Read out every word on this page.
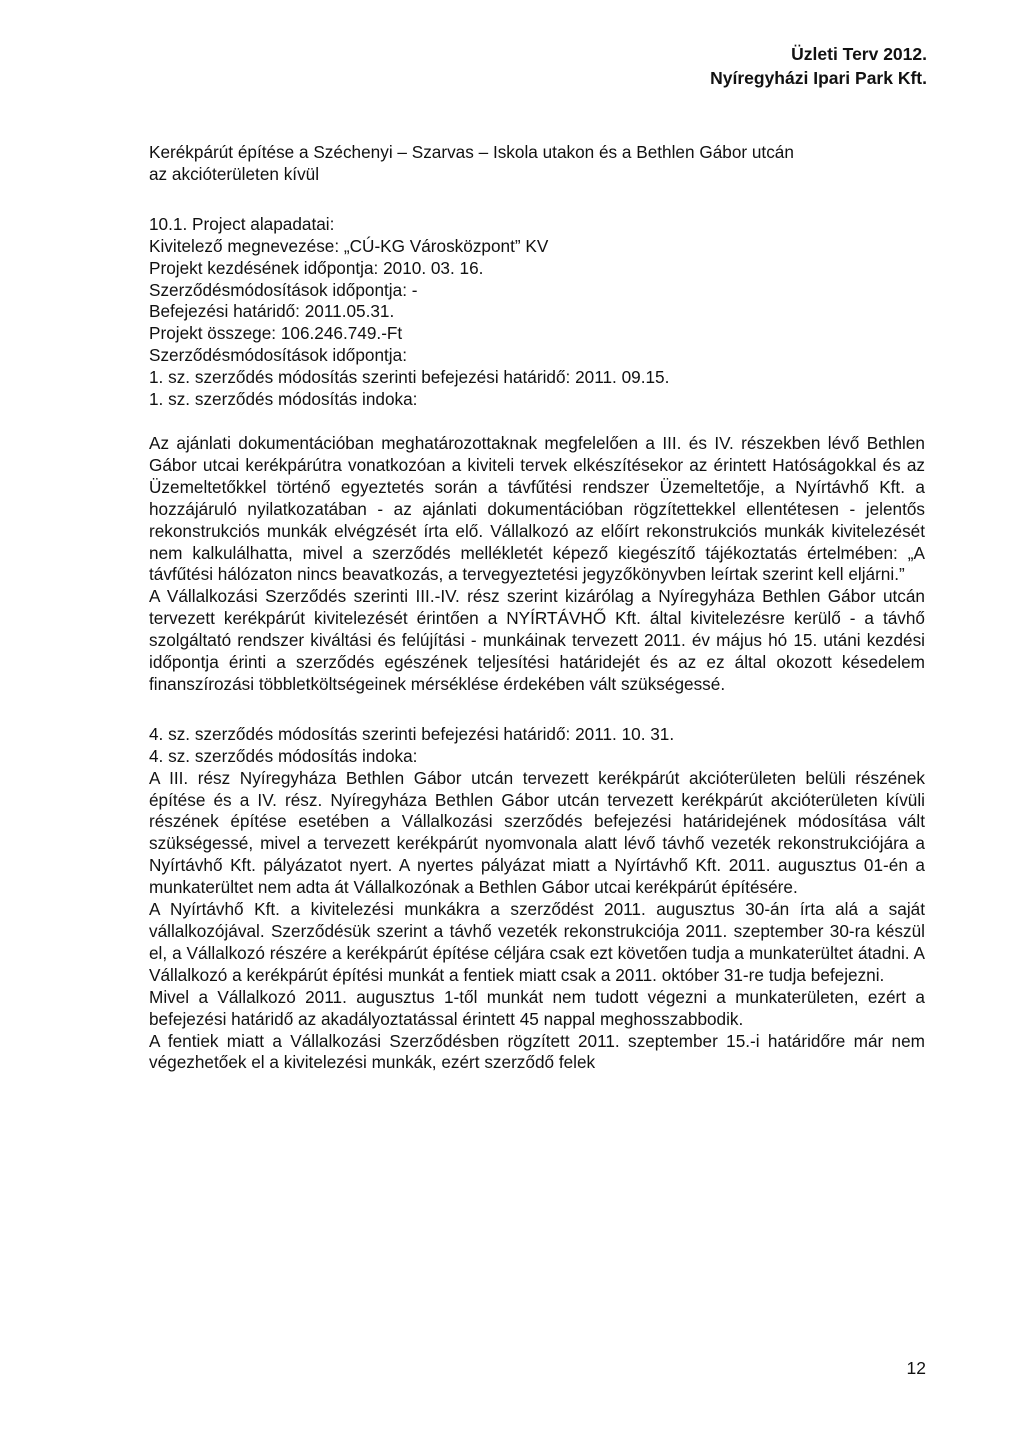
Üzleti Terv 2012.
Nyíregyházi Ipari Park Kft.

Kerékpárút építése a Széchenyi – Szarvas – Iskola utakon és a Bethlen Gábor utcán

az akcióterületen kívül

10.1. Project alapadatai:

Kivitelező megnevezése: „CÚ-KG Városközpont” KV

Projekt kezdésének időpontja: 2010. 03. 16.

Szerződésmódosítások időpontja: -

Befejezési határidő: 2011.05.31.

Projekt összege: 106.246.749.-Ft

Szerződésmódosítások időpontja:

1. sz. szerződés módosítás szerinti befejezési határidő: 2011. 09.15.

1. sz. szerződés módosítás indoka:

Az ajánlati dokumentációban meghatározottaknak megfelelően a III. és IV. részekben lévő Bethlen Gábor utcai kerékpárútra vonatkozóan a kiviteli tervek elkészítésekor az érintett Hatóságokkal és az Üzemeltetőkkel történő egyeztetés során a távfűtési rendszer Üzemeltetője, a Nyírtávhő Kft. a hozzájáruló nyilatkozatában - az ajánlati dokumentációban rögzítettekkel ellentétesen - jelentős rekonstrukciós munkák elvégzését írta elő. Vállalkozó az előírt rekonstrukciós munkák kivitelezését nem kalkulálhatta, mivel a szerződés mellékletét képező kiegészítő tájékoztatás értelmében: „A távfűtési hálózaton nincs beavatkozás, a tervegyeztetési jegyzőkönyvben leírtak szerint kell eljárni.”

A Vállalkozási Szerződés szerinti III.-IV. rész szerint kizárólag a Nyíregyháza Bethlen Gábor utcán tervezett kerékpárút kivitelezését érintően a NYÍRTÁVHŐ Kft. által kivitelezésre kerülő - a távhő szolgáltató rendszer kiváltási és felújítási - munkáinak tervezett 2011. év május hó 15. utáni kezdési időpontja érinti a szerződés egészének teljesítési határidejét és az ez által okozott késedelem finanszírozási többletköltségeinek mérséklése érdekében vált szükségessé.

4. sz. szerződés módosítás szerinti befejezési határidő: 2011. 10. 31.

4. sz. szerződés módosítás indoka:

A III. rész Nyíregyháza Bethlen Gábor utcán tervezett kerékpárút akcióterületen belüli részének építése és a IV. rész. Nyíregyháza Bethlen Gábor utcán tervezett kerékpárút akcióterületen kívüli részének építése esetében a Vállalkozási szerződés befejezési határidejének módosítása vált szükségessé, mivel a tervezett kerékpárút nyomvonala alatt lévő távhő vezeték rekonstrukciójára a Nyírtávhő Kft. pályázatot nyert. A nyertes pályázat miatt a Nyírtávhő Kft. 2011. augusztus 01-én a munkaterültet nem adta át Vállalkozónak a Bethlen Gábor utcai kerékpárút építésére.

A Nyírtávhő Kft. a kivitelezési munkákra a szerződést 2011. augusztus 30-án írta alá a saját vállalkozójával. Szerződésük szerint a távhő vezeték rekonstrukciója 2011. szeptember 30-ra készül el, a Vállalkozó részére a kerékpárút építése céljára csak ezt követően tudja a munkaterültet átadni. A Vállalkozó a kerékpárút építési munkát a fentiek miatt csak a 2011. október 31-re tudja befejezni.

Mivel a Vállalkozó 2011. augusztus 1-től munkát nem tudott végezni a munkaterületen, ezért a befejezési határidő az akadályoztatással érintett 45 nappal meghosszabbodik.

A fentiek miatt a Vállalkozási Szerződésben rögzített 2011. szeptember 15.-i határidőre már nem végezhetőek el a kivitelezési munkák, ezért szerződő felek

12
